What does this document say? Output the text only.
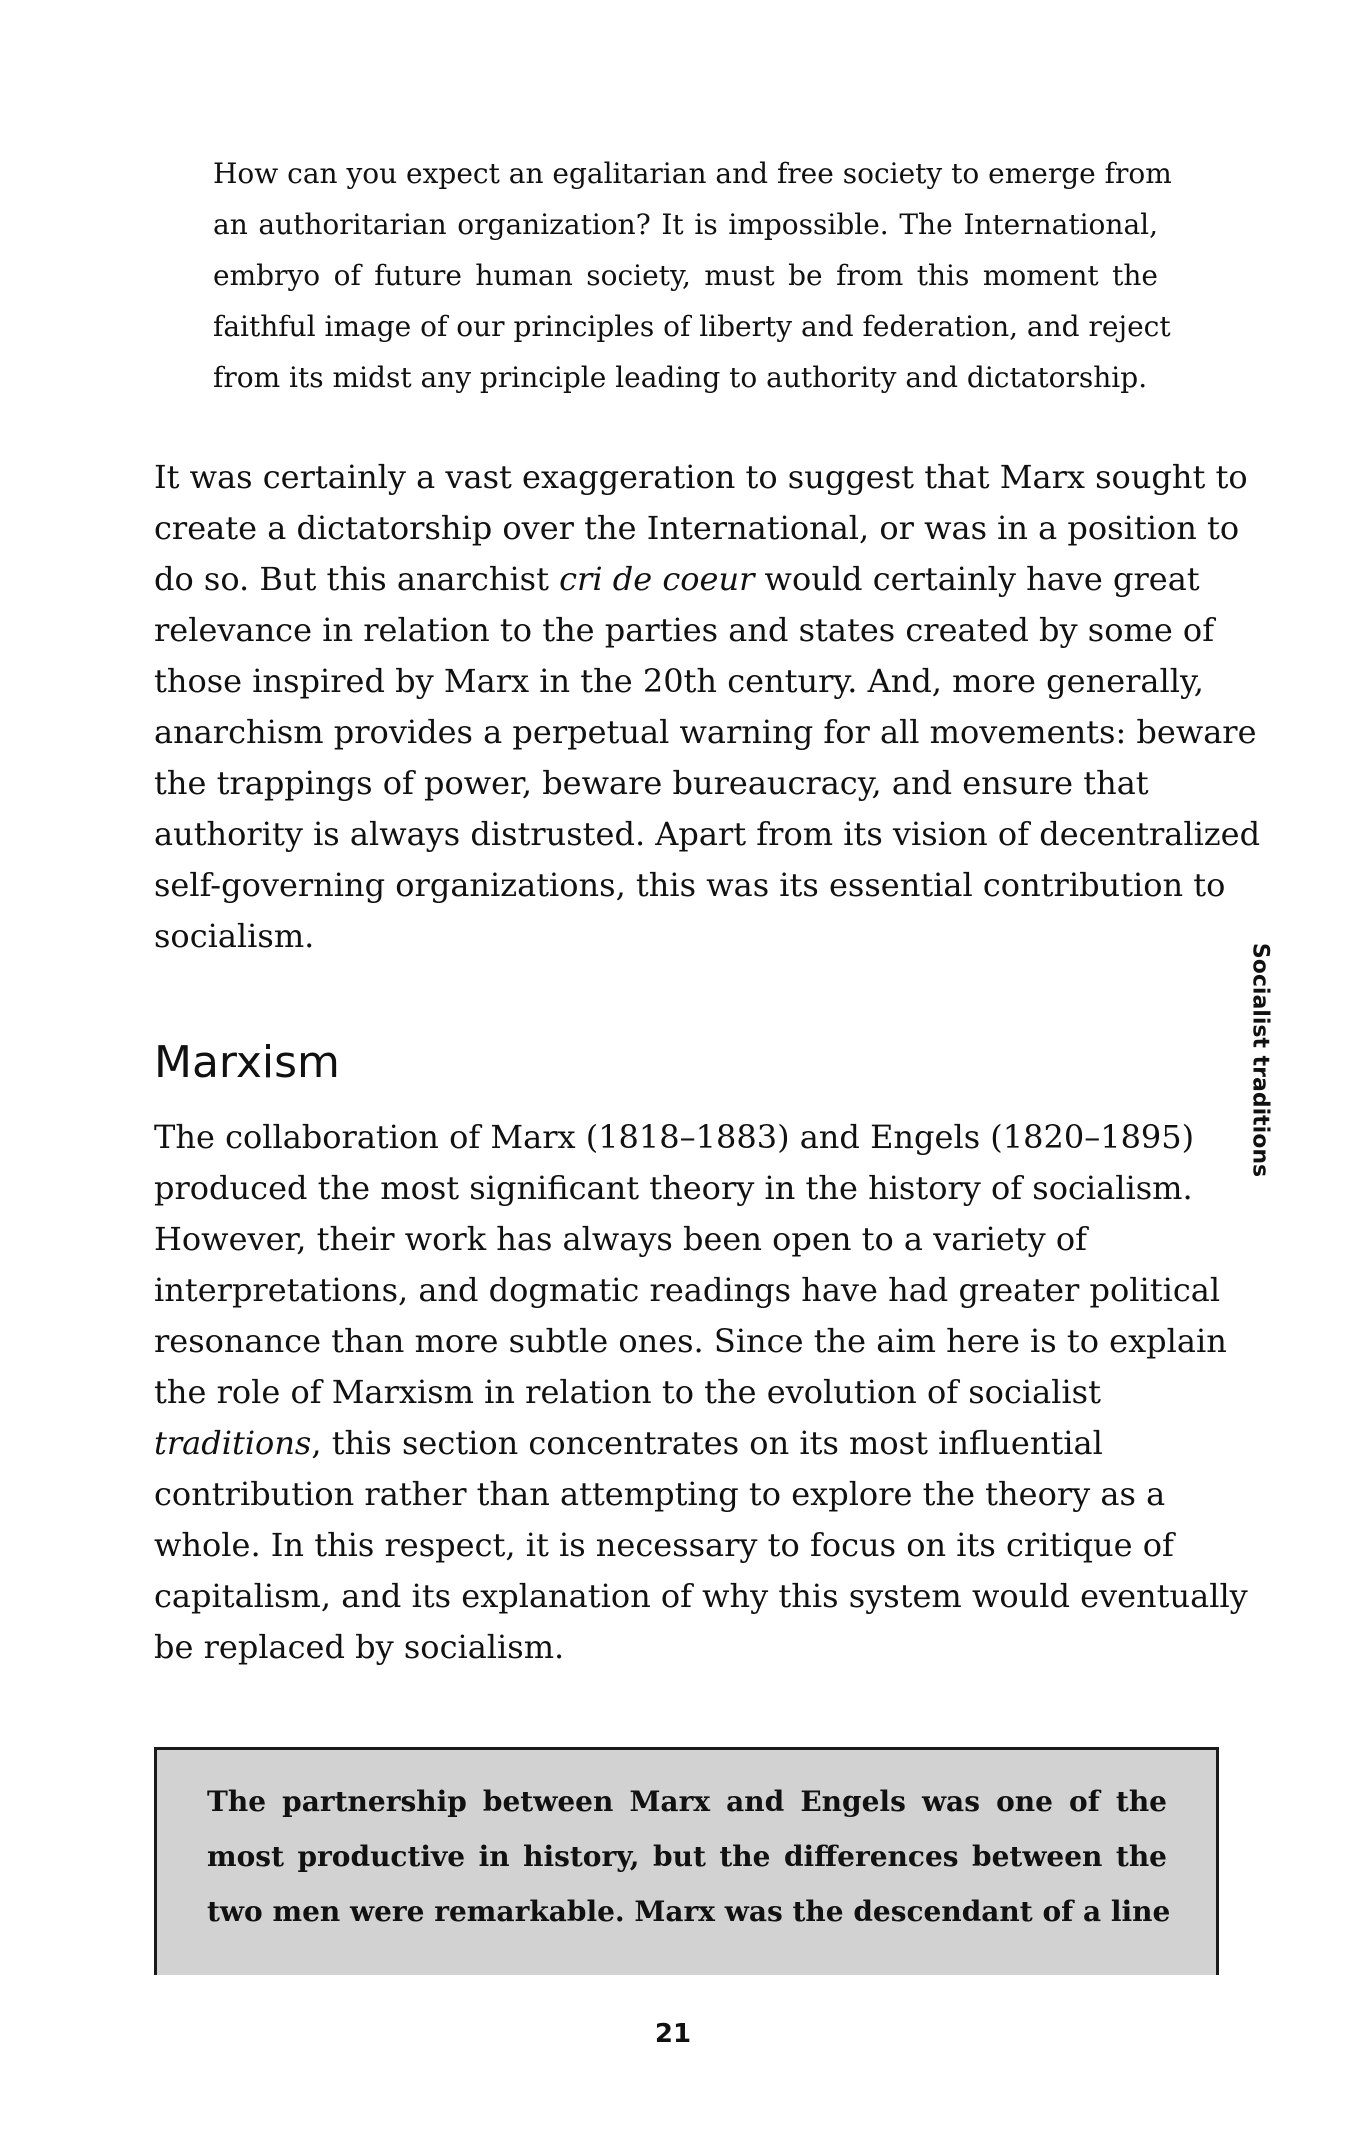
How can you expect an egalitarian and free society to emerge from
an authoritarian organization? It is impossible. The International,
embryo of future human society, must be from this moment the
faithful image of our principles of liberty and federation, and reject
from its midst any principle leading to authority and dictatorship.
It was certainly a vast exaggeration to suggest that Marx sought to
create a dictatorship over the International, or was in a position to
do so. But this anarchist cri de coeur would certainly have great
relevance in relation to the parties and states created by some of
those inspired by Marx in the 20th century. And, more generally,
anarchism provides a perpetual warning for all movements: beware
the trappings of power, beware bureaucracy, and ensure that
authority is always distrusted. Apart from its vision of decentralized
self-governing organizations, this was its essential contribution to
socialism.
Marxism
The collaboration of Marx (1818–1883) and Engels (1820–1895)
produced the most significant theory in the history of socialism.
However, their work has always been open to a variety of
interpretations, and dogmatic readings have had greater political
resonance than more subtle ones. Since the aim here is to explain
the role of Marxism in relation to the evolution of socialist
traditions, this section concentrates on its most influential
contribution rather than attempting to explore the theory as a
whole. In this respect, it is necessary to focus on its critique of
capitalism, and its explanation of why this system would eventually
be replaced by socialism.
Socialist traditions
The partnership between Marx and Engels was one of the
most productive in history, but the differences between the
two men were remarkable. Marx was the descendant of a line
21
